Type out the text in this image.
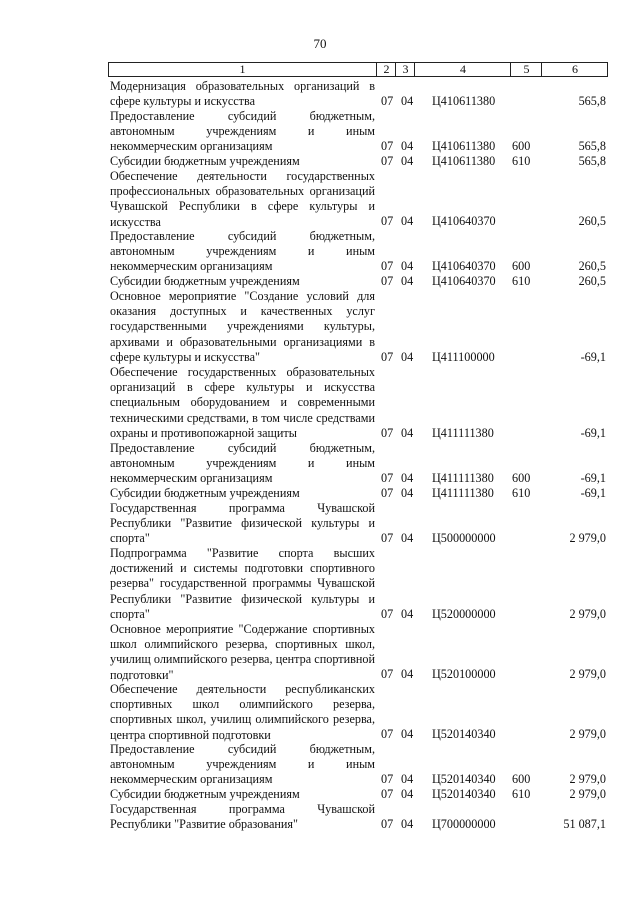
70
1	2	3	4	5	6
Модернизация образовательных организаций в сфере культуры и искусства	07 04 Ц410611380	565,8
Предоставление субсидий бюджетным, автономным учреждениям и иным некоммерческим организациям	07 04 Ц410611380 600	565,8
Субсидии бюджетным учреждениям	07 04 Ц410611380 610	565,8
Обеспечение деятельности государственных профессиональных образовательных организаций Чувашской Республики в сфере культуры и искусства	07 04 Ц410640370	260,5
Предоставление субсидий бюджетным, автономным учреждениям и иным некоммерческим организациям	07 04 Ц410640370 600	260,5
Субсидии бюджетным учреждениям	07 04 Ц410640370 610	260,5
Основное мероприятие "Создание условий для оказания доступных и качественных услуг государственными учреждениями культуры, архивами и образовательными организациями в сфере культуры и искусства"	07 04 Ц411100000	-69,1
Обеспечение государственных образовательных организаций в сфере культуры и искусства специальным оборудованием и современными техническими средствами, в том числе средствами охраны и противопожарной защиты	07 04 Ц411111380	-69,1
Предоставление субсидий бюджетным, автономным учреждениям и иным некоммерческим организациям	07 04 Ц411111380 600	-69,1
Субсидии бюджетным учреждениям	07 04 Ц411111380 610	-69,1
Государственная программа Чувашской Республики "Развитие физической культуры и спорта"	07 04 Ц500000000	2 979,0
Подпрограмма "Развитие спорта высших достижений и системы подготовки спортивного резерва" государственной программы Чувашской Республики "Развитие физической культуры и спорта"	07 04 Ц520000000	2 979,0
Основное мероприятие "Содержание спортивных школ олимпийского резерва, спортивных школ, училищ олимпийского резерва, центра спортивной подготовки"	07 04 Ц520100000	2 979,0
Обеспечение деятельности республиканских спортивных школ олимпийского резерва, спортивных школ, училищ олимпийского резерва, центра спортивной подготовки	07 04 Ц520140340	2 979,0
Предоставление субсидий бюджетным, автономным учреждениям и иным некоммерческим организациям	07 04 Ц520140340 600	2 979,0
Субсидии бюджетным учреждениям	07 04 Ц520140340 610	2 979,0
Государственная программа Чувашской Республики "Развитие образования"	07 04 Ц700000000	51 087,1
